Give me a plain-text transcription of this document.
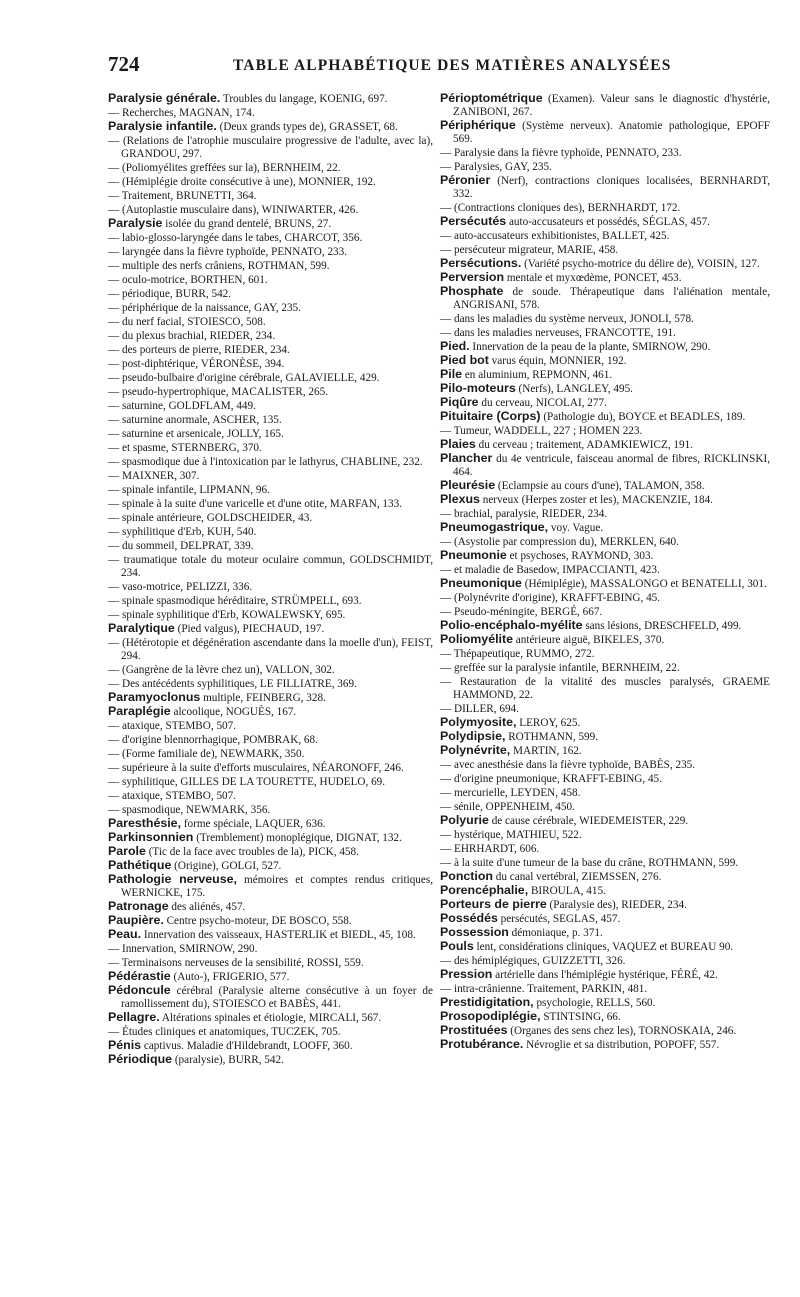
724	TABLE ALPHABÉTIQUE DES MATIÈRES ANALYSÉES

Paralysie générale. Troubles du langage, KOENIG, 697.

— Recherches, MAGNAN, 174.

Paralysie infantile. (Deux grands types de), GRASSET, 68.

— (Relations de l'atrophie musculaire progressive de l'adulte, avec la), GRANDOU, 297.

— (Poliomyélites greffées sur la), BERNHEIM, 22.

— (Hémiplégie droite consécutive à une), MONNIER, 192.

— Traitement, BRUNETTI, 364.

— (Autoplastie musculaire dans), WINIWARTER, 426.

Paralysie isolée du grand dentelé, BRUNS, 27.

— labio-glosso-laryngée dans le tabes, CHARCOT, 356.

— laryngée dans la fièvre typhoïde, PENNATO, 233.

— multiple des nerfs crâniens, ROTHMAN, 599.

— oculo-motrice, BORTHEN, 601.

— périodique, BURR, 542.

— périphérique de la naissance, GAY, 235.

— du nerf facial, STOIESCO, 508.

— du plexus brachial, RIEDER, 234.

— des porteurs de pierre, RIEDER, 234.

— post-diphtérique, VÉRONÈSE, 394.

— pseudo-bulbaire d'origine cérébrale, GALAVIELLE, 429.

— pseudo-hypertrophique, MACALISTER, 265.

— saturnine, GOLDFLAM, 449.

— saturnine anormale, ASCHER, 135.

— saturnine et arsenicale, JOLLY, 165.

— et spasme, STERNBERG, 370.

— spasmodique due à l'intoxication par le lathyrus, CHABLINE, 232.

— MAIXNER, 307.

— spinale infantile, LIPMANN, 96.

— spinale à la suite d'une varicelle et d'une otite, MARFAN, 133.

— spinale antérieure, GOLDSCHEIDER, 43.

— syphilitique d'Erb, KUH, 540.

— du sommeil, DELPRAT, 339.

— traumatique totale du moteur oculaire commun, GOLDSCHMIDT, 234.

— vaso-motrice, PELIZZI, 336.

— spinale spasmodique héréditaire, STRÜMPELL, 693.

— spinale syphilitique d'Erb, KOWALEWSKY, 695.

Paralytique (Pied valgus), PIECHAUD, 197.

— (Hétérotopie et dégénération ascendante dans la moelle d'un), FEIST, 294.

— (Gangrène de la lèvre chez un), VALLON, 302.

— Des antécédents syphilitiques, LE FILLIATRE, 369.

Paramyoclonus multiple, FEINBERG, 328.

Paraplégie alcoolique, NOGUÈS, 167.

— ataxique, STEMBO, 507.

— d'origine blennorrhagique, POMBRAK, 68.

— (Forme familiale de), NEWMARK, 350.

— supérieure à la suite d'efforts musculaires, NÉARONOFF, 246.

— syphilitique, GILLES DE LA TOURETTE, HUDELO, 69.

— ataxique, STEMBO, 507.

— spasmodique, NEWMARK, 356.

Paresthésie, forme spéciale, LAQUER, 636.

Parkinsonnien (Tremblement) monoplégique, DIGNAT, 132.

Parole (Tic de la face avec troubles de la), PICK, 458.

Pathétique (Origine), GOLGI, 527.

Pathologie nerveuse, mémoires et comptes rendus critiques, WERNICKE, 175.

Patronage des aliénés, 457.

Paupière. Centre psycho-moteur, DE BOSCO, 558.

Peau. Innervation des vaisseaux, HASTERLIK et BIEDL, 45, 108.

— Innervation, SMIRNOW, 290.

— Terminaisons nerveuses de la sensibilité, ROSSI, 559.

Pédérastie (Auto-), FRIGERIO, 577.

Pédoncule cérébral (Paralysie alterne consécutive à un foyer de ramollissement du), STOIESCO et BABÈS, 441.

Pellagre. Altérations spinales et étiologie, MIRCALI, 567.

— Études cliniques et anatomiques, TUCZEK, 705.

Pénis captivus. Maladie d'Hildebrandt, LOOFF, 360.

Périodique (paralysie), BURR, 542.

Périoptométrique (Examen). Valeur sans le diagnostic d'hystérie, ZANIBONI, 267.

Périphérique (Système nerveux). Anatomie pathologique, EPOFF 569.

— Paralysie dans la fièvre typhoïde, PENNATO, 233.

— Paralysies, GAY, 235.

Péronier (Nerf), contractions cloniques localisées, BERNHARDT, 332.

— (Contractions cloniques des), BERNHARDT, 172.

Persécutés auto-accusateurs et possédés, SÉGLAS, 457.

— auto-accusateurs exhibitionistes, BALLET, 425.

— persécuteur migrateur, MARIE, 458.

Persécutions. (Variété psycho-motrice du délire de), VOISIN, 127.

Perversion mentale et myxœdème, PONCET, 453.

Phosphate de soude. Thérapeutique dans l'aliénation mentale, ANGRISANI, 578.

— dans les maladies du système nerveux, JONOLI, 578.

— dans les maladies nerveuses, FRANCOTTE, 191.

Pied. Innervation de la peau de la plante, SMIRNOW, 290.

Pied bot varus équin, MONNIER, 192.

Pile en aluminium, REPMONN, 461.

Pilo-moteurs (Nerfs), LANGLEY, 495.

Piqûre du cerveau, NICOLAI, 277.

Pituitaire (Corps) (Pathologie du), BOYCE et BEADLES, 189.

— Tumeur, WADDELL, 227 ; HOMEN 223.

Plaies du cerveau ; traitement, ADAMKIEWICZ, 191.

Plancher du 4e ventricule, faisceau anormal de fibres, RICKLINSKI, 464.

Pleurésie (Eclampsie au cours d'une), TALAMON, 358.

Plexus nerveux (Herpes zoster et les), MACKENZIE, 184.

— brachial, paralysie, RIEDER, 234.

Pneumogastrique, voy. Vague.

— (Asystolie par compression du), MERKLEN, 640.

Pneumonie et psychoses, RAYMOND, 303.

— et maladie de Basedow, IMPACCIANTI, 423.

Pneumonique (Hémiplégie), MASSALONGO et BENATELLI, 301.

— (Polynévrite d'origine), KRAFFT-EBING, 45.

— Pseudo-méningite, BERGÉ, 667.

Polio-encéphalo-myélite sans lésions, DRESCHFELD, 499.

Poliomyélite antérieure aiguë, BIKELES, 370.

— Thépapeutique, RUMMO, 272.

— greffée sur la paralysie infantile, BERNHEIM, 22.

— Restauration de la vitalité des muscles paralysés, GRAEME HAMMOND, 22.

— DILLER, 694.

Polymyosite, LEROY, 625.

Polydipsie, ROTHMANN, 599.

Polynévrite, MARTIN, 162.

— avec anesthésie dans la fièvre typhoïde, BABÈS, 235.

— d'origine pneumonique, KRAFFT-EBING, 45.

— mercurielle, LEYDEN, 458.

— sénile, OPPENHEIM, 450.

Polyurie de cause cérébrale, WIEDEMEISTER, 229.

— hystérique, MATHIEU, 522.

— EHRHARDT, 606.

— à la suite d'une tumeur de la base du crâne, ROTHMANN, 599.

Ponction du canal vertébral, ZIEMSSEN, 276.

Porencéphalie, BIROULA, 415.

Porteurs de pierre (Paralysie des), RIEDER, 234.

Possédés persécutés, SEGLAS, 457.

Possession démoniaque, p. 371.

Pouls lent, considérations cliniques, VAQUEZ et BUREAU 90.

— des hémiplégiques, GUIZZETTI, 326.

Pression artérielle dans l'hémiplégie hystérique, FÉRÉ, 42.

— intra-crânienne. Traitement, PARKIN, 481.

Prestidigitation, psychologie, RELLS, 560.

Prosopodiplégie, STINTSING, 66.

Prostituées (Organes des sens chez les), TORNOSKAIA, 246.

Protubérance. Névroglie et sa distribution, POPOFF, 557.
